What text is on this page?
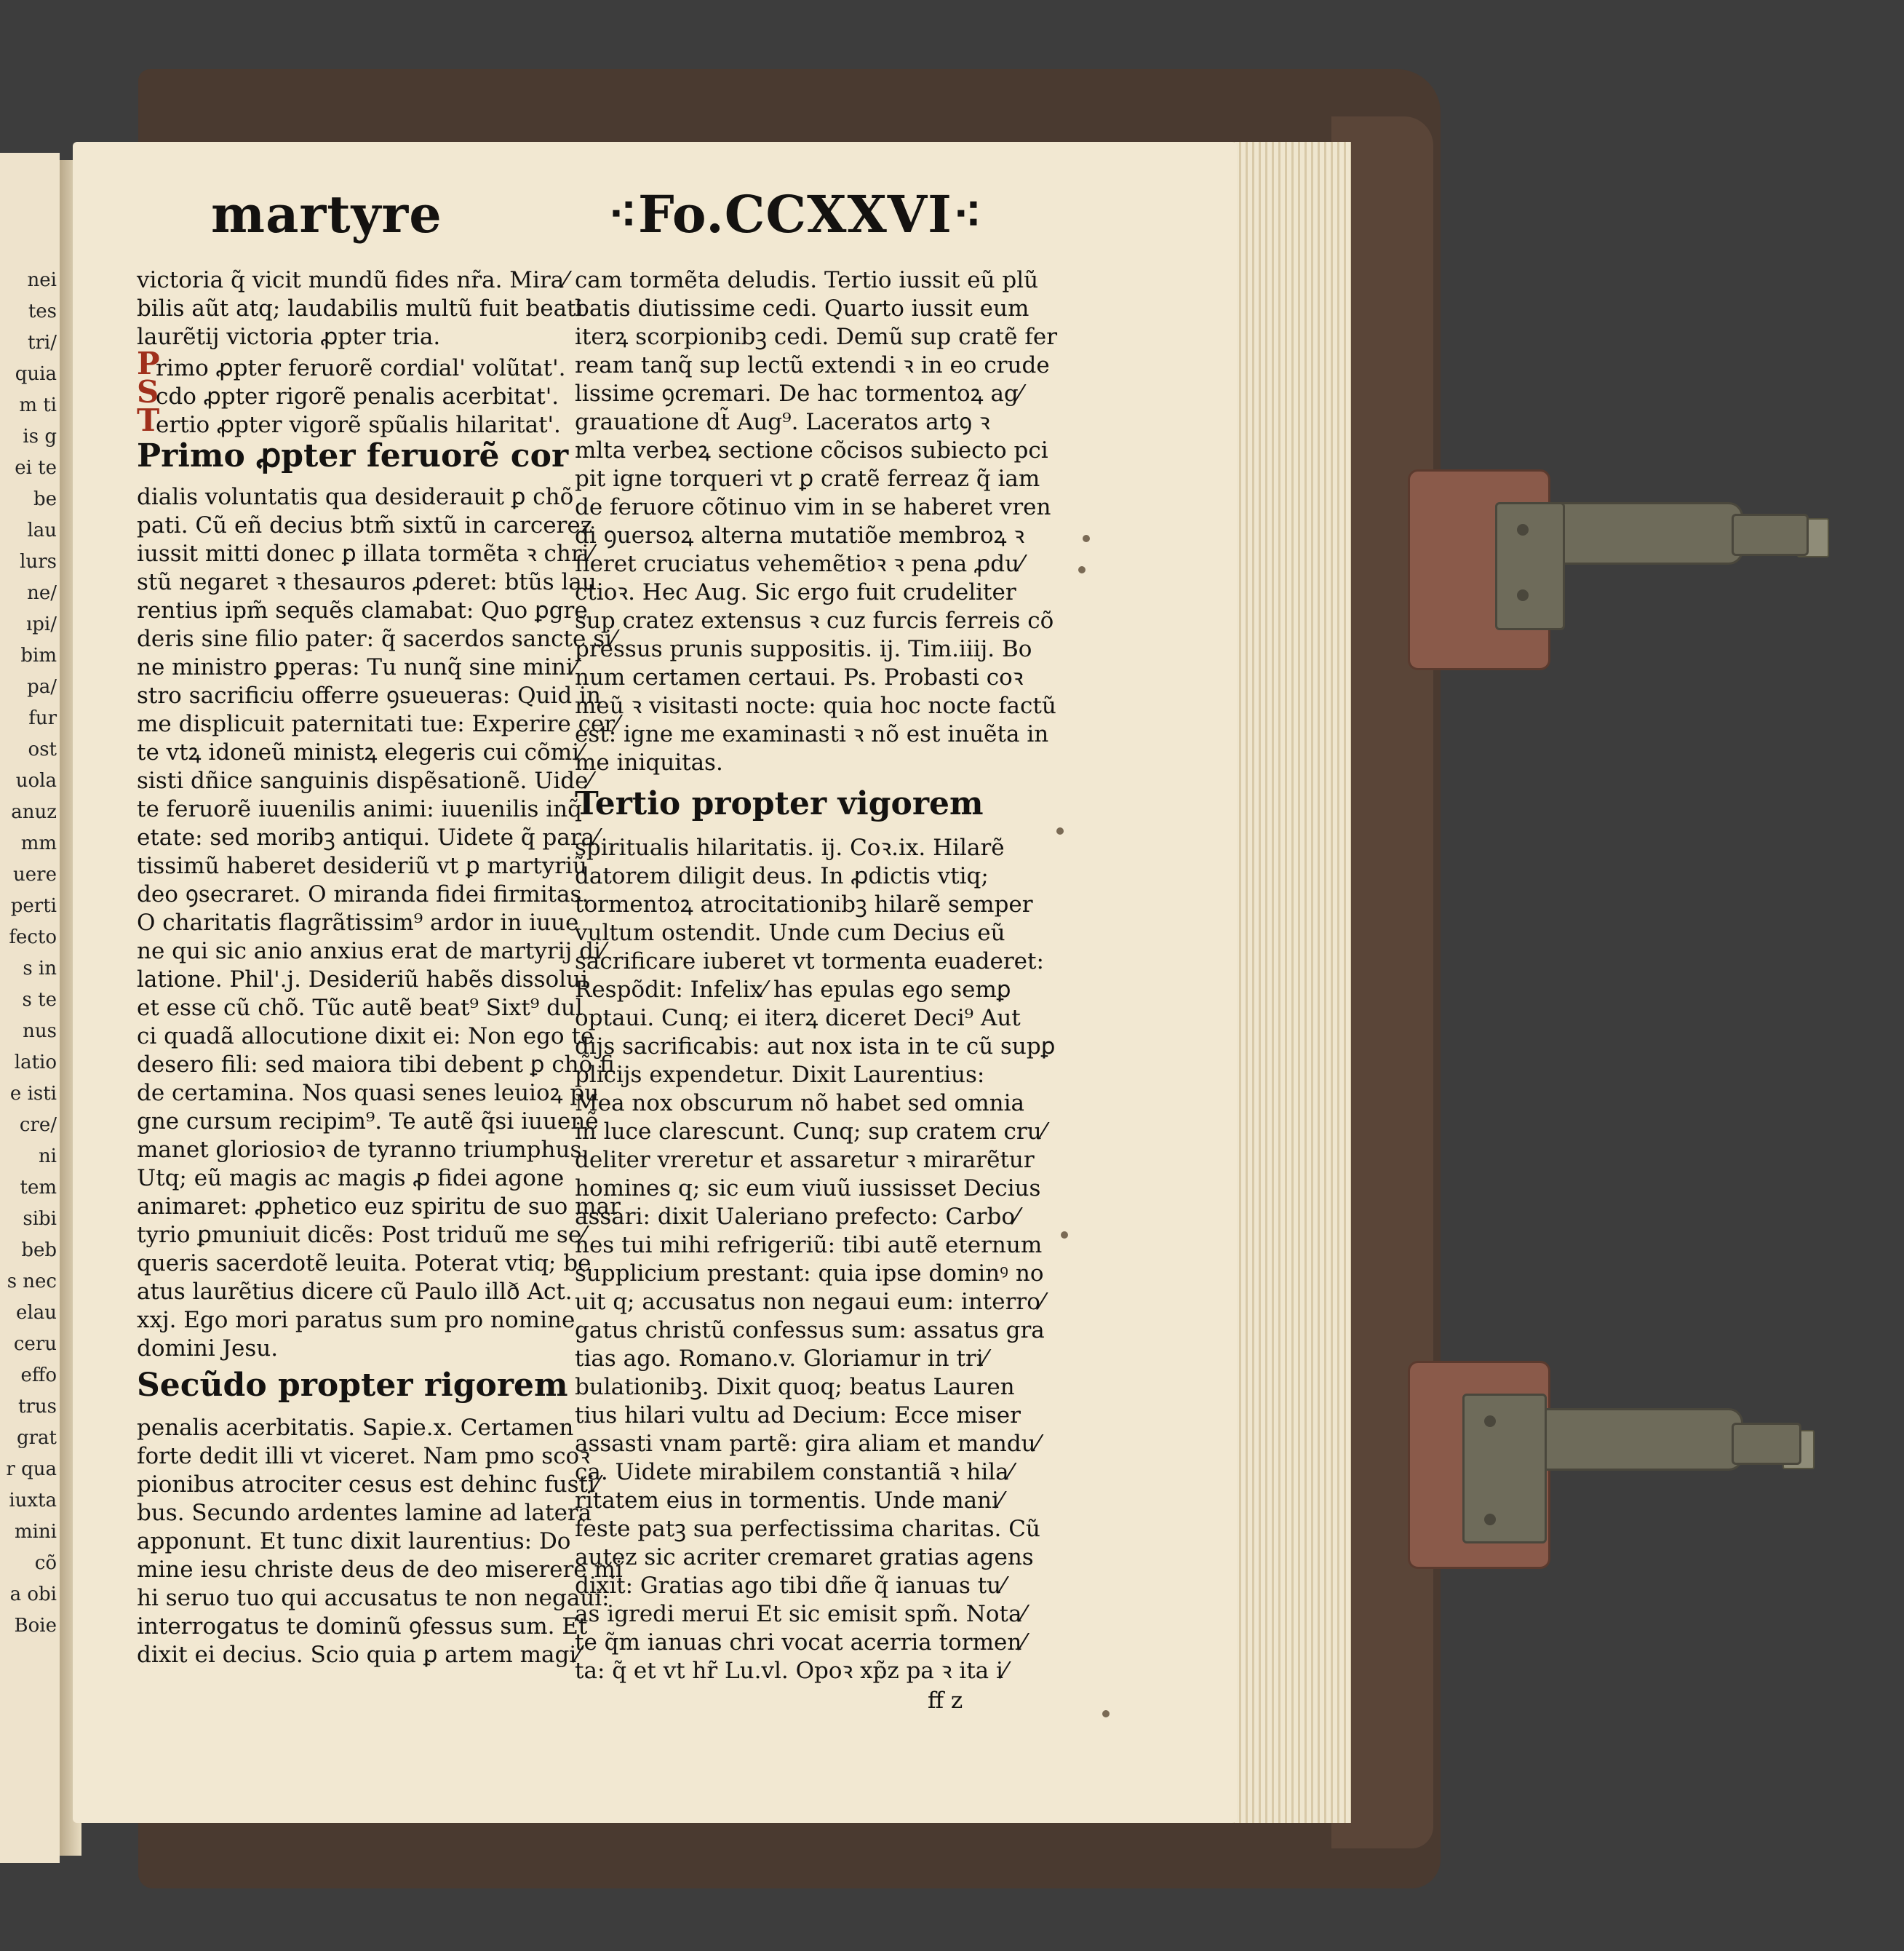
nei
tes
tri/
quia
m ti
is g
ei te
be
lau
lurs
ne/
ıpi/
bim
pa/
fur
ost
uola
anuz
mm
uere
perti
fecto
s in
s te
nus
latio
e isti
cre/
ni
tem
sibi
beb
s nec
elau
ceru
effo
trus
grat
r qua
iuxta
mini
cõ
a obi
Boie
martyre	⁖Fo.CCXXVI⁖
ff z
victoria q̃ vicit mundũ fides nr̃a. Mira⁄
bilis aũt atq; laudabilis multũ fuit beati
laurẽtij victoria ꝓpter tria.
P
rimo ꝓpter feruorẽ cordial' volũtat'.
S
cdo ꝓpter rigorẽ penalis acerbitat'.
T
ertio ꝓpter vigorẽ spũalis hilaritat'.
Primo ꝓpter feruorẽ cor
dialis voluntatis qua desiderauit ꝑ chõ
pati. Cũ eñ decius btm̃ sixtũ in carcerez
iussit mitti donec ꝑ illata tormẽta ꝛ chri⁄
stũ negaret ꝛ thesauros ꝓderet: btũs lau
rentius ipm̃ sequẽs clamabat: Quo ꝑgre
deris sine filio pater: q̃ sacerdos sancte si⁄
ne ministro ꝑperas: Tu nunq̃ sine mini⁄
stro sacrificiu offerre ꝯsueueras: Quid in
me displicuit paternitati tue: Experire cer⁄
te vtꝝ idoneũ ministꝝ elegeris cui cõmi⁄
sisti dñice sanguinis dispẽsationẽ. Uide⁄
te feruorẽ iuuenilis animi: iuuenilis inq̃
etate: sed moribꝫ antiqui. Uidete q̃ para⁄
tissimũ haberet desideriũ vt ꝑ martyriũ
deo ꝯsecraret. O miranda fidei firmitas.
O charitatis flagrãtissim⁹ ardor in iuue
ne qui sic anio anxius erat de martyrij di⁄
latione. Phil'.j. Desideriũ habẽs dissolui
et esse cũ chõ. Tũc autẽ beat⁹ Sixt⁹ dul
ci quadã allocutione dixit ei: Non ego te
desero fili: sed maiora tibi debent ꝑ chõ fi
de certamina. Nos quasi senes leuioꝝ pu
gne cursum recipim⁹. Te autẽ q̃si iuuenẽ
manet gloriosioꝛ de tyranno triumphus.
Utq; eũ magis ac magis ꝓ fidei agone
animaret: ꝓphetico euz spiritu de suo mar
tyrio ꝑmuniuit dicẽs: Post triduũ me se⁄
queris sacerdotẽ leuita. Poterat vtiq; be
atus laurẽtius dicere cũ Paulo illð Act.
xxj. Ego mori paratus sum pro nomine
domini Jesu.
Secũdo propter rigorem
penalis acerbitatis. Sapie.x. Certamen
forte dedit illi vt viceret. Nam pmo scoꝛ
pionibus atrociter cesus est dehinc fusti⁄
bus. Secundo ardentes lamine ad latera
apponunt. Et tunc dixit laurentius: Do
mine iesu christe deus de deo miserere mi
hi seruo tuo qui accusatus te non negaui:
interrogatus te dominũ ꝯfessus sum. Et
dixit ei decius. Scio quia ꝑ artem magi⁄
cam tormẽta deludis. Tertio iussit eũ plũ
batis diutissime cedi. Quarto iussit eum
iterꝝ scorpionibꝫ cedi. Demũ sup cratẽ fer
ream tanq̃ sup lectũ extendi ꝛ in eo crude
lissime ꝯcremari. De hac tormentoꝝ ag⁄
grauatione dt̃ Aug⁹. Laceratos artꝯ ꝛ
mlta verbeꝝ sectione cõcisos subiecto pci
pit igne torqueri vt ꝑ cratẽ ferreaz q̃ iam
de feruore cõtinuo vim in se haberet vren
di ꝯuersoꝝ alterna mutatiõe membroꝝ ꝛ
fieret cruciatus vehemẽtioꝛ ꝛ pena ꝓdu⁄
ctioꝛ. Hec Aug. Sic ergo fuit crudeliter
sup cratez extensus ꝛ cuz furcis ferreis cõ
pressus prunis suppositis. ij. Tim.iiij. Bo
num certamen certaui. Ps. Probasti coꝛ
meũ ꝛ visitasti nocte: quia hoc nocte factũ
est: igne me examinasti ꝛ nõ est inuẽta in
me iniquitas.
Tertio propter vigorem
spiritualis hilaritatis. ij. Coꝛ.ix. Hilarẽ
datorem diligit deus. In ꝓdictis vtiq;
tormentoꝝ atrocitationibꝫ hilarẽ semper
vultum ostendit. Unde cum Decius eũ
sacrificare iuberet vt tormenta euaderet:
Respõdit: Infelix⁄ has epulas ego semꝑ
optaui. Cunq; ei iterꝝ diceret Deci⁹ Aut
dijs sacrificabis: aut nox ista in te cũ supꝑ
plicijs expendetur. Dixit Laurentius:
Mea nox obscurum nõ habet sed omnia
in luce clarescunt. Cunq; sup cratem cru⁄
deliter vreretur et assaretur ꝛ mirarẽtur
homines q; sic eum viuũ iussisset Decius
assari: dixit Ualeriano prefecto: Carbo⁄
nes tui mihi refrigeriũ: tibi autẽ eternum
supplicium prestant: quia ipse dominꝰ no
uit q; accusatus non negaui eum: interro⁄
gatus christũ confessus sum: assatus gra
tias ago. Romano.v. Gloriamur in tri⁄
bulationibꝫ. Dixit quoq; beatus Lauren
tius hilari vultu ad Decium: Ecce miser
assasti vnam partẽ: gira aliam et mandu⁄
ca. Uidete mirabilem constantiã ꝛ hila⁄
ritatem eius in tormentis. Unde mani⁄
feste patꝫ sua perfectissima charitas. Cũ
autez sic acriter cremaret gratias agens
dixit: Gratias ago tibi dñe q̃ ianuas tu⁄
as igredi merui Et sic emisit spm̃. Nota⁄
te q̃m ianuas chri vocat acerria tormen⁄
ta: q̃ et vt hr̃ Lu.vl. Opoꝛ xp̃z pa ꝛ ita i⁄
